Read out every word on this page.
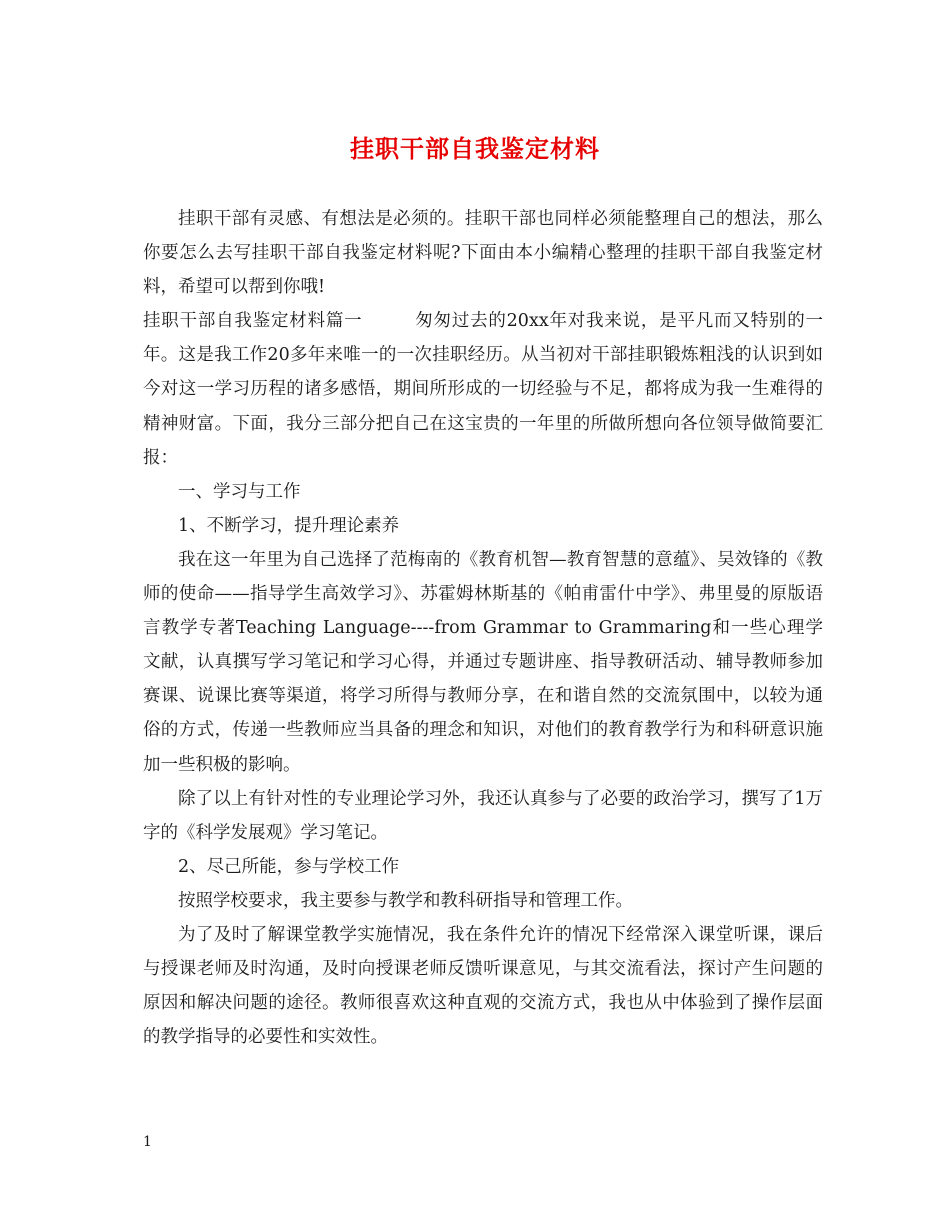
挂职干部自我鉴定材料

挂职干部有灵感、有想法是必须的。挂职干部也同样必须能整理自己的想法，那么你要怎么去写挂职干部自我鉴定材料呢?下面由本小编精心整理的挂职干部自我鉴定材料，希望可以帮到你哦!

挂职干部自我鉴定材料篇一	匆匆过去的20xx年对我来说，是平凡而又特别的一年。这是我工作20多年来唯一的一次挂职经历。从当初对干部挂职锻炼粗浅的认识到如今对这一学习历程的诸多感悟，期间所形成的一切经验与不足，都将成为我一生难得的精神财富。下面，我分三部分把自己在这宝贵的一年里的所做所想向各位领导做简要汇报：

一、学习与工作

1、不断学习，提升理论素养

我在这一年里为自己选择了范梅南的《教育机智—教育智慧的意蕴》、吴效锋的《教师的使命——指导学生高效学习》、苏霍姆林斯基的《帕甫雷什中学》、弗里曼的原版语言教学专著Teaching Language----from Grammar to Grammaring和一些心理学文献，认真撰写学习笔记和学习心得，并通过专题讲座、指导教研活动、辅导教师参加赛课、说课比赛等渠道，将学习所得与教师分享，在和谐自然的交流氛围中，以较为通俗的方式，传递一些教师应当具备的理念和知识，对他们的教育教学行为和科研意识施加一些积极的影响。

除了以上有针对性的专业理论学习外，我还认真参与了必要的政治学习，撰写了1万字的《科学发展观》学习笔记。

2、尽己所能，参与学校工作

按照学校要求，我主要参与教学和教科研指导和管理工作。

为了及时了解课堂教学实施情况，我在条件允许的情况下经常深入课堂听课，课后与授课老师及时沟通，及时向授课老师反馈听课意见，与其交流看法，探讨产生问题的原因和解决问题的途径。教师很喜欢这种直观的交流方式，我也从中体验到了操作层面的教学指导的必要性和实效性。

1
